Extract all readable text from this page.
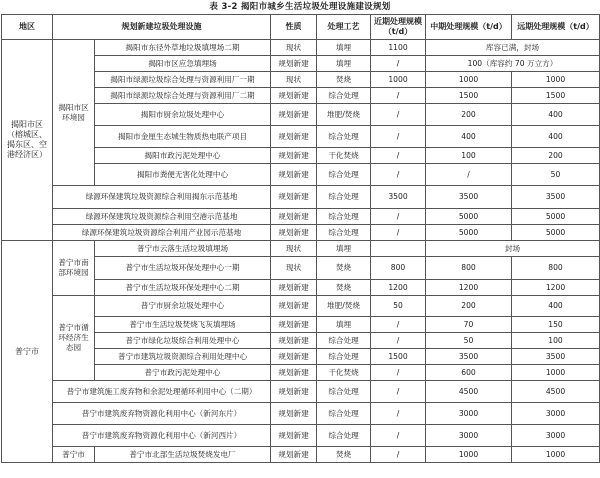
表 3-2 揭阳市城乡生活垃圾处理设施建设规划
地区	规划新建垃圾处理设施		性质	处理工艺	近期处理规模（t/d）	中期处理规模（t/d）	远期处理规模（t/d）
揭阳市区（榕城区、揭东区、空港经济区）	揭阳市区环境园	揭阳市东径外草地垃圾填埋场二期	现状	填埋	1100	库容已满，封场	
		揭阳市区应急填埋场	规划新建	填埋	/	100（库容约 70 万立方）	
		揭阳市绿源垃圾综合处理与资源利用厂一期	现状	焚烧	1000	1000	1000
		揭阳市绿源垃圾综合处理与资源利用厂二期	规划新建	综合处理	/	1500	1500
		揭阳市厨余垃圾处理中心	规划新建	堆肥/焚烧	/	200	400
		揭阳市金厘生态城生物质热电联产项目	规划新建	综合处理	/	400	400
		揭阳市政污泥处理中心	规划新建	干化焚烧	/	100	200
		揭阳市粪便无害化处理中心	规划新建	综合处理	/	/	50
	绿源环保建筑垃圾资源综合利用揭东示范基地		规划新建	综合处理	3500	3500	3500
	绿源环保建筑垃圾资源综合利用空港示范基地		规划新建	综合处理	/	5000	5000
	绿源环保建筑垃圾资源综合利用产业园示范基地		规划新建	综合处理	/	5000	5000
普宁市	普宁市南部环境园	普宁市云落生活垃圾填埋场	现状	填埋		封场	
		普宁市生活垃圾环保处理中心一期	现状	焚烧	800	800	800
		普宁市生活垃圾环保处理中心二期	规划新建	焚烧	1200	1200	1200
	普宁市循环经济生态园	普宁市厨余垃圾处理中心	规划新建	堆肥/焚烧	50	200	400
		普宁市生活垃圾焚烧飞灰填埋场	规划新建	填埋	/	70	150
		普宁市绿化垃圾综合利用处理中心	规划新建	综合处理	/	50	100
		普宁市建筑垃圾资源综合利用处理中心	规划新建	综合处理	1500	3500	3500
		普宁市政污泥处理中心	规划新建	干化焚烧	/	600	1000
	普宁市建筑施工废弃物和余泥处理循环利用中心（二期）		规划新建	综合处理	/	4500	4500
	普宁市建筑废弃物资源化利用中心（新河东片）		规划新建	综合处理	/	3000	3000
	普宁市建筑废弃物资源化利用中心（新河西片）		规划新建	综合处理	/	3000	3000
	普宁市	普宁市北部生活垃圾焚烧发电厂	规划新建	焚烧	/	1000	1000
